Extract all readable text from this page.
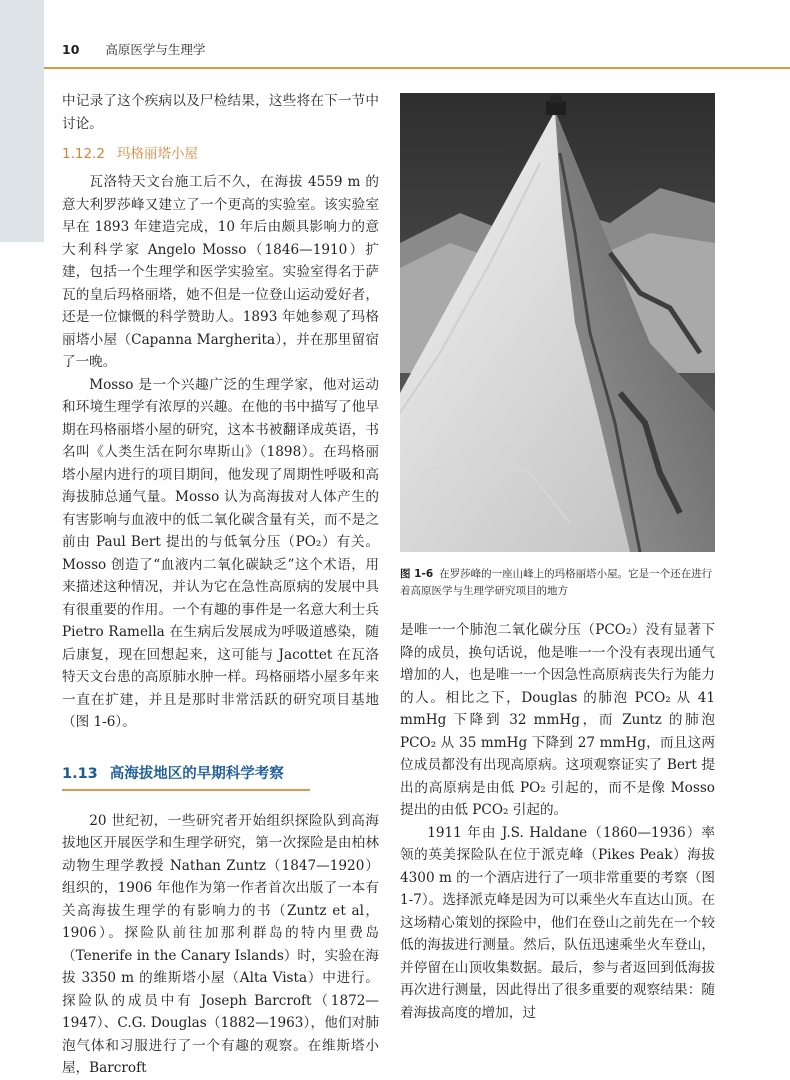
10 高原医学与生理学

中记录了这个疾病以及尸检结果，这些将在下一节中讨论。

1.12.2 玛格丽塔小屋

瓦洛特天文台施工后不久，在海拔 4559 m 的意大利罗莎峰又建立了一个更高的实验室。该实验室早在 1893 年建造完成，10 年后由颇具影响力的意大利科学家 Angelo Mosso（1846—1910）扩建，包括一个生理学和医学实验室。实验室得名于萨瓦的皇后玛格丽塔，她不但是一位登山运动爱好者，还是一位慷慨的科学赞助人。1893 年她参观了玛格丽塔小屋（Capanna Margherita），并在那里留宿了一晚。

Mosso 是一个兴趣广泛的生理学家，他对运动和环境生理学有浓厚的兴趣。在他的书中描写了他早期在玛格丽塔小屋的研究，这本书被翻译成英语，书名叫《人类生活在阿尔卑斯山》（1898）。在玛格丽塔小屋内进行的项目期间，他发现了周期性呼吸和高海拔肺总通气量。Mosso 认为高海拔对人体产生的有害影响与血液中的低二氧化碳含量有关，而不是之前由 Paul Bert 提出的与低氧分压（PO₂）有关。Mosso 创造了“血液内二氧化碳缺乏”这个术语，用来描述这种情况，并认为它在急性高原病的发展中具有很重要的作用。一个有趣的事件是一名意大利士兵 Pietro Ramella 在生病后发展成为呼吸道感染，随后康复，现在回想起来，这可能与 Jacottet 在瓦洛特天文台患的高原肺水肿一样。玛格丽塔小屋多年来一直在扩建，并且是那时非常活跃的研究项目基地（图 1-6）。

1.13 高海拔地区的早期科学考察

20 世纪初，一些研究者开始组织探险队到高海拔地区开展医学和生理学研究，第一次探险是由柏林动物生理学教授 Nathan Zuntz（1847—1920）组织的，1906 年他作为第一作者首次出版了一本有关高海拔生理学的有影响力的书（Zuntz et al，1906）。探险队前往加那利群岛的特内里费岛（Tenerife in the Canary Islands）时，实验在海拔 3350 m 的维斯塔小屋（Alta Vista）中进行。探险队的成员中有 Joseph Barcroft（1872—1947）、C.G. Douglas（1882—1963），他们对肺泡气体和习服进行了一个有趣的观察。在维斯塔小屋，Barcroft

图 1-6 在罗莎峰的一座山峰上的玛格丽塔小屋。它是一个还在进行着高原医学与生理学研究项目的地方

是唯一一个肺泡二氧化碳分压（PCO₂）没有显著下降的成员，换句话说，他是唯一一个没有表现出通气增加的人，也是唯一一个因急性高原病丧失行为能力的人。相比之下，Douglas 的肺泡 PCO₂ 从 41 mmHg 下降到 32 mmHg，而 Zuntz 的肺泡 PCO₂ 从 35 mmHg 下降到 27 mmHg，而且这两位成员都没有出现高原病。这项观察证实了 Bert 提出的高原病是由低 PO₂ 引起的，而不是像 Mosso 提出的由低 PCO₂ 引起的。

1911 年由 J.S. Haldane（1860—1936）率领的英美探险队在位于派克峰（Pikes Peak）海拔 4300 m 的一个酒店进行了一项非常重要的考察（图 1-7）。选择派克峰是因为可以乘坐火车直达山顶。在这场精心策划的探险中，他们在登山之前先在一个较低的海拔进行测量。然后，队伍迅速乘坐火车登山，并停留在山顶收集数据。最后，参与者返回到低海拔再次进行测量，因此得出了很多重要的观察结果：随着海拔高度的增加，过
